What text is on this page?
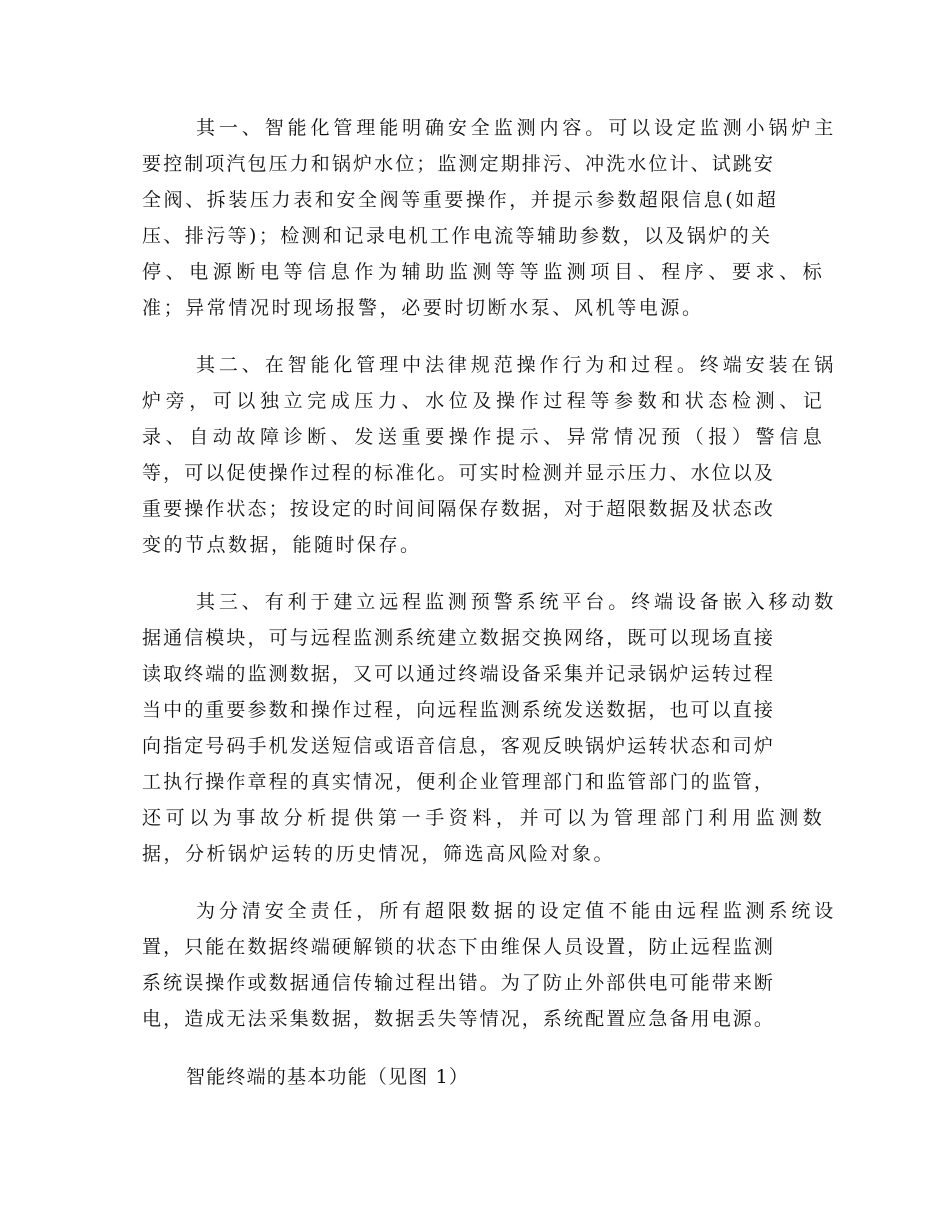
其一、智能化管理能明确安全监测内容。可以设定监测小锅炉主
要控制项汽包压力和锅炉水位；监测定期排污、冲洗水位计、试跳安
全阀、拆装压力表和安全阀等重要操作，并提示参数超限信息(如超
压、排污等)；检测和记录电机工作电流等辅助参数，以及锅炉的关
停、电源断电等信息作为辅助监测等等监测项目、程序、要求、标
准；异常情况时现场报警，必要时切断水泵、风机等电源。
其二、在智能化管理中法律规范操作行为和过程。终端安装在锅
炉旁，可以独立完成压力、水位及操作过程等参数和状态检测、记
录、自动故障诊断、发送重要操作提示、异常情况预（报）警信息
等，可以促使操作过程的标准化。可实时检测并显示压力、水位以及
重要操作状态；按设定的时间间隔保存数据，对于超限数据及状态改
变的节点数据，能随时保存。
其三、有利于建立远程监测预警系统平台。终端设备嵌入移动数
据通信模块，可与远程监测系统建立数据交换网络，既可以现场直接
读取终端的监测数据，又可以通过终端设备采集并记录锅炉运转过程
当中的重要参数和操作过程，向远程监测系统发送数据，也可以直接
向指定号码手机发送短信或语音信息，客观反映锅炉运转状态和司炉
工执行操作章程的真实情况，便利企业管理部门和监管部门的监管，
还可以为事故分析提供第一手资料，并可以为管理部门利用监测数
据，分析锅炉运转的历史情况，筛选高风险对象。
为分清安全责任，所有超限数据的设定值不能由远程监测系统设
置，只能在数据终端硬解锁的状态下由维保人员设置，防止远程监测
系统误操作或数据通信传输过程出错。为了防止外部供电可能带来断
电，造成无法采集数据，数据丢失等情况，系统配置应急备用电源。
智能终端的基本功能（见图 1）
